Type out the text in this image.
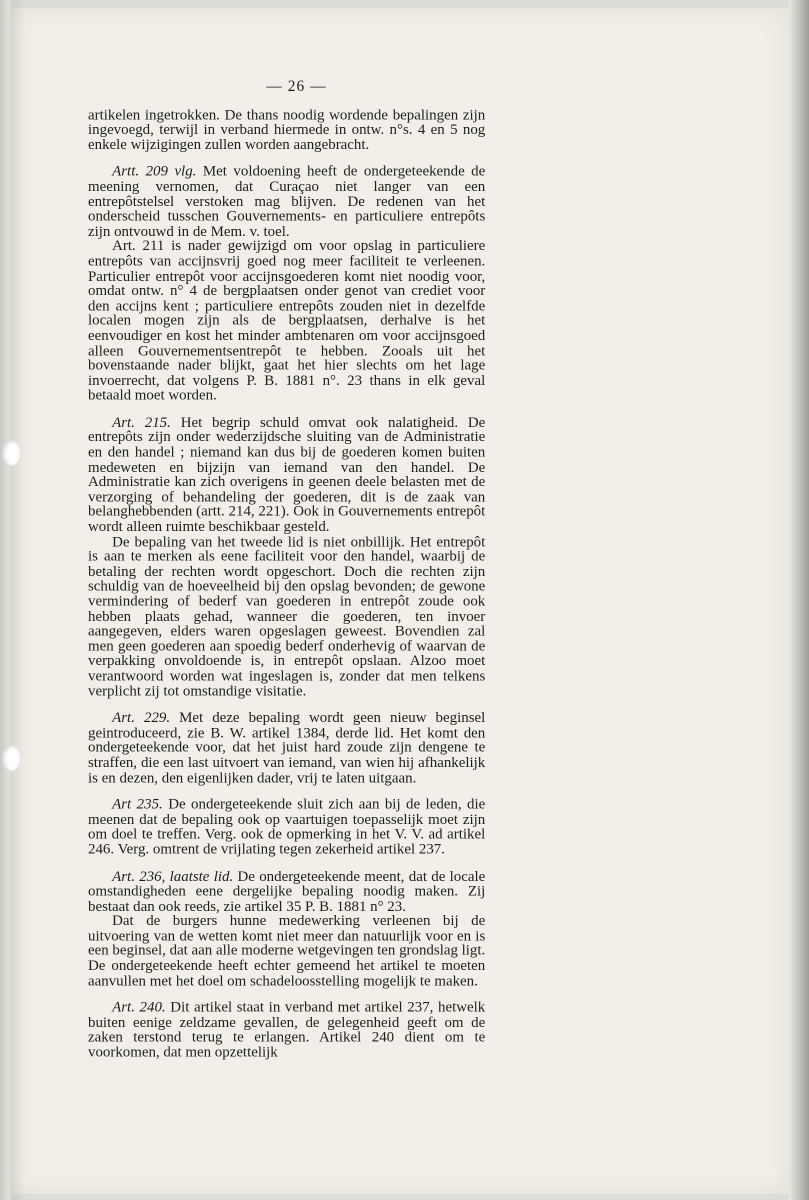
— 26 —

artikelen ingetrokken. De thans noodig wordende bepalingen zijn ingevoegd, terwijl in verband hiermede in ontw. n°s. 4 en 5 nog enkele wijzigingen zullen worden aangebracht.

Artt. 209 vlg. Met voldoening heeft de ondergeteekende de meening vernomen, dat Curaçao niet langer van een entrepôtstelsel verstoken mag blijven. De redenen van het onderscheid tusschen Gouvernements- en particuliere entrepôts zijn ontvouwd in de Mem. v. toel.

Art. 211 is nader gewijzigd om voor opslag in particuliere entrepôts van accijnsvrij goed nog meer faciliteit te verleenen. Particulier entrepôt voor accijnsgoederen komt niet noodig voor, omdat ontw. n° 4 de bergplaatsen onder genot van crediet voor den accijns kent ; particuliere entrepôts zouden niet in dezelfde localen mogen zijn als de bergplaatsen, derhalve is het eenvoudiger en kost het minder ambtenaren om voor accijnsgoed alleen Gouvernementsentrepôt te hebben. Zooals uit het bovenstaande nader blijkt, gaat het hier slechts om het lage invoerrecht, dat volgens P. B. 1881 n°. 23 thans in elk geval betaald moet worden.

Art. 215. Het begrip schuld omvat ook nalatigheid. De entrepôts zijn onder wederzijdsche sluiting van de Administratie en den handel ; niemand kan dus bij de goederen komen buiten medeweten en bijzijn van iemand van den handel. De Administratie kan zich overigens in geenen deele belasten met de verzorging of behandeling der goederen, dit is de zaak van belanghebbenden (artt. 214, 221). Ook in Gouvernements entrepôt wordt alleen ruimte beschikbaar gesteld.

De bepaling van het tweede lid is niet onbillijk. Het entrepôt is aan te merken als eene faciliteit voor den handel, waarbij de betaling der rechten wordt opgeschort. Doch die rechten zijn schuldig van de hoeveelheid bij den opslag bevonden; de gewone vermindering of bederf van goederen in entrepôt zoude ook hebben plaats gehad, wanneer die goederen, ten invoer aangegeven, elders waren opgeslagen geweest. Bovendien zal men geen goederen aan spoedig bederf onderhevig of waarvan de verpakking onvoldoende is, in entrepôt opslaan. Alzoo moet verantwoord worden wat ingeslagen is, zonder dat men telkens verplicht zij tot omstandige visitatie.

Art. 229. Met deze bepaling wordt geen nieuw beginsel geintroduceerd, zie B. W. artikel 1384, derde lid. Het komt den ondergeteekende voor, dat het juist hard zoude zijn dengene te straffen, die een last uitvoert van iemand, van wien hij afhankelijk is en dezen, den eigenlijken dader, vrij te laten uitgaan.

Art 235. De ondergeteekende sluit zich aan bij de leden, die meenen dat de bepaling ook op vaartuigen toepasselijk moet zijn om doel te treffen. Verg. ook de opmerking in het V. V. ad artikel 246. Verg. omtrent de vrijlating tegen zekerheid artikel 237.

Art. 236, laatste lid. De ondergeteekende meent, dat de locale omstandigheden eene dergelijke bepaling noodig maken. Zij bestaat dan ook reeds, zie artikel 35 P. B. 1881 n° 23.

Dat de burgers hunne medewerking verleenen bij de uitvoering van de wetten komt niet meer dan natuurlijk voor en is een beginsel, dat aan alle moderne wetgevingen ten grondslag ligt. De ondergeteekende heeft echter gemeend het artikel te moeten aanvullen met het doel om schadeloosstelling mogelijk te maken.

Art. 240. Dit artikel staat in verband met artikel 237, hetwelk buiten eenige zeldzame gevallen, de gelegenheid geeft om de zaken terstond terug te erlangen. Artikel 240 dient om te voorkomen, dat men opzettelijk
